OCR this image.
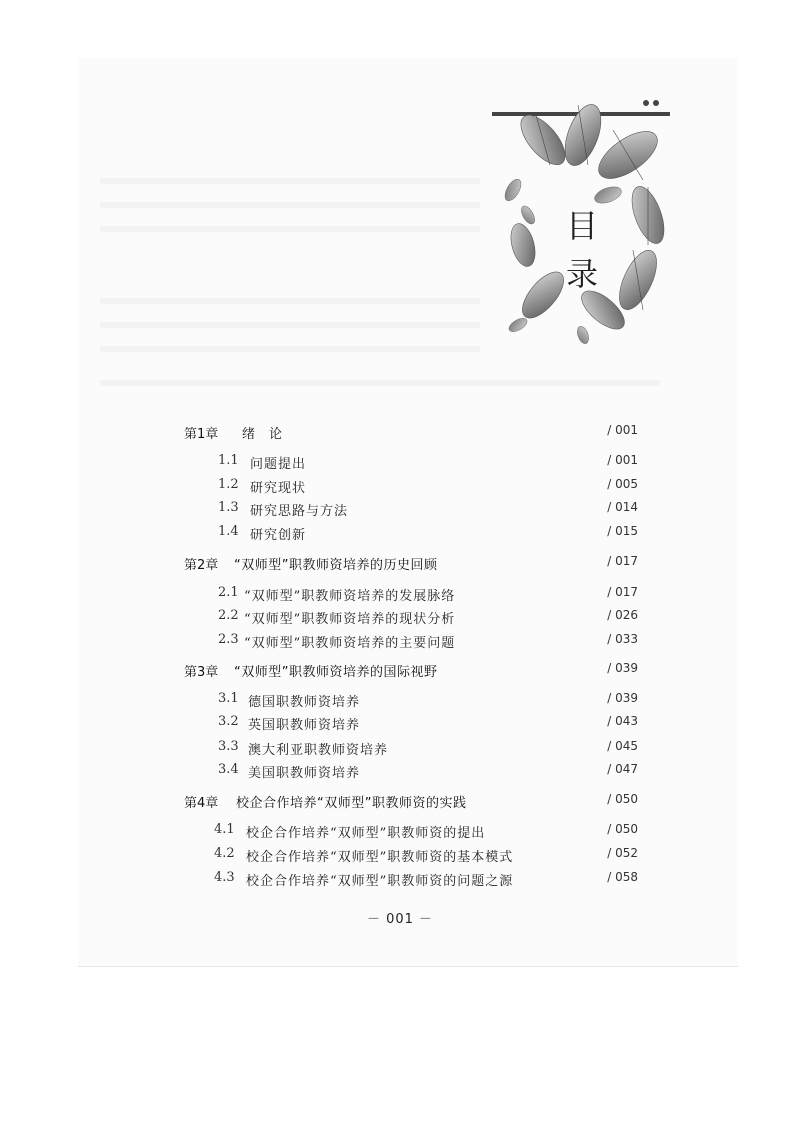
目
录
第1章 绪　论	/ 001
1.1 问题提出	/ 001
1.2 研究现状	/ 005
1.3 研究思路与方法	/ 014
1.4 研究创新	/ 015
第2章 “双师型”职教师资培养的历史回顾	/ 017
2.1 “双师型”职教师资培养的发展脉络	/ 017
2.2 “双师型”职教师资培养的现状分析	/ 026
2.3 “双师型”职教师资培养的主要问题	/ 033
第3章 “双师型”职教师资培养的国际视野	/ 039
3.1 德国职教师资培养	/ 039
3.2 英国职教师资培养	/ 043
3.3 澳大利亚职教师资培养	/ 045
3.4 美国职教师资培养	/ 047
第4章 校企合作培养“双师型”职教师资的实践	/ 050
4.1 校企合作培养“双师型”职教师资的提出	/ 050
4.2 校企合作培养“双师型”职教师资的基本模式	/ 052
4.3 校企合作培养“双师型”职教师资的问题之源	/ 058
－ 001 －
